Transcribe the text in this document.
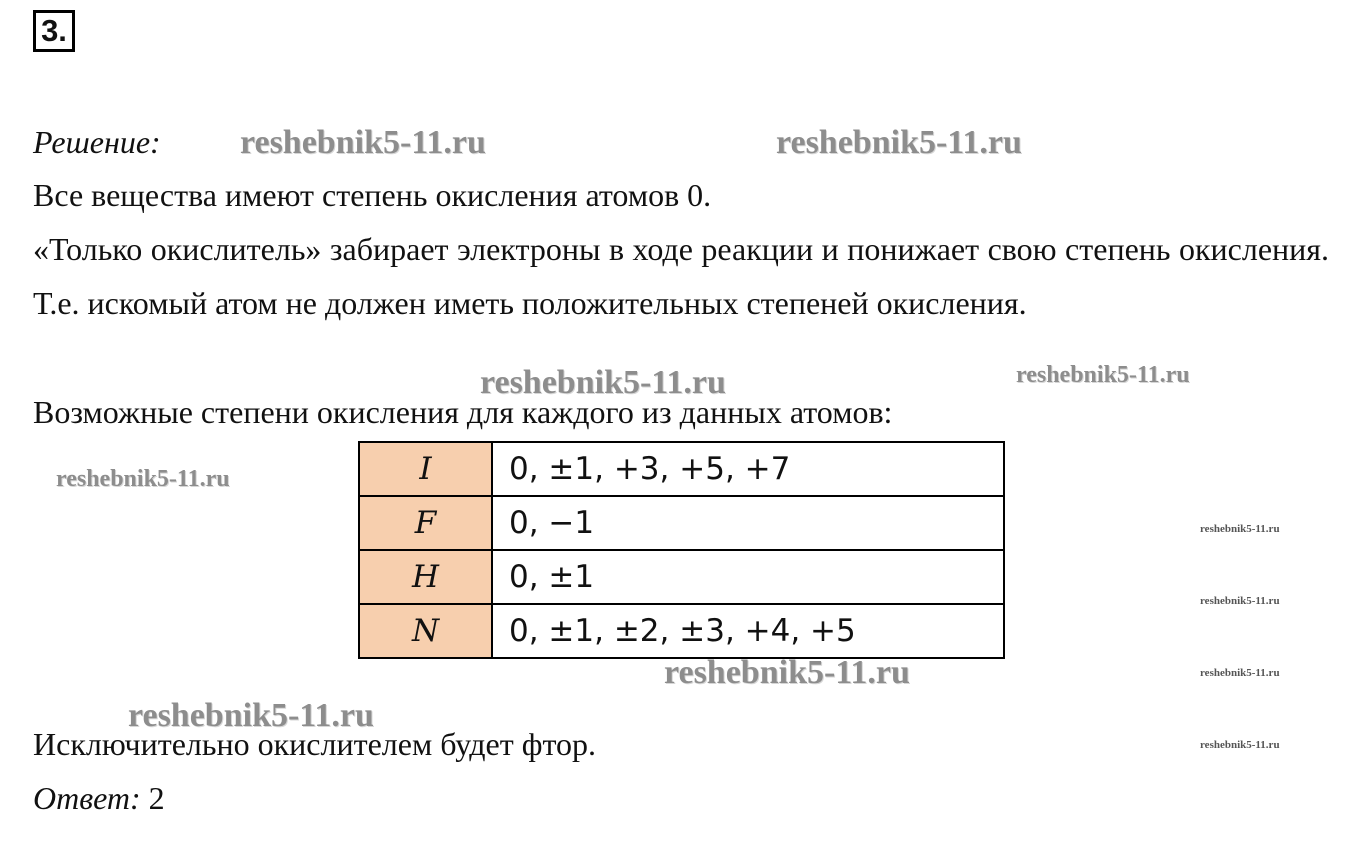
3.
Решение:
Все вещества имеют степень окисления атомов 0.
«Только окислитель» забирает электроны в ходе реакции и понижает свою степень окисления. Т.е. искомый атом не должен иметь положительных степеней окисления.
Возможные степени окисления для каждого из данных атомов:
I	0, ±1, +3, +5, +7
F	0, −1
H	0, ±1
N	0, ±1, ±2, ±3, +4, +5
Исключительно окислителем будет фтор.
Ответ: 2
reshebnik5-11.ru	reshebnik5-11.ru
reshebnik5-11.ru	reshebnik5-11.ru
reshebnik5-11.ru
reshebnik5-11.ru
reshebnik5-11.ru
reshebnik5-11.ru
reshebnik5-11.ru
reshebnik5-11.ru
reshebnik5-11.ru
